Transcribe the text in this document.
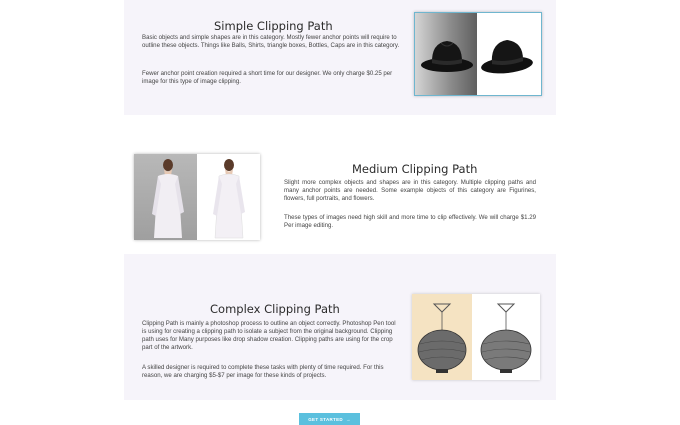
Simple Clipping Path

Basic objects and simple shapes are in this category. Mostly fewer anchor points will require to outline these objects. Things like Balls, Shirts, triangle boxes, Bottles, Caps are in this category.

Fewer anchor point creation required a short time for our designer. We only charge $0.25 per image for this type of image clipping.

Medium Clipping Path

Slight more complex objects and shapes are in this category. Multiple clipping paths and many anchor points are needed. Some example objects of this category are Figurines, flowers, full portraits, and flowers.

These types of images need high skill and more time to clip effectively. We will charge $1.29 Per image editing.

Complex Clipping Path

Clipping Path is mainly a photoshop process to outline an object correctly. Photoshop Pen tool is using for creating a clipping path to isolate a subject from the original background. Clipping path uses for Many purposes like drop shadow creation. Clipping paths are using for the crop part of the artwork.

A skilled designer is required to complete these tasks with plenty of time required. For this reason, we are charging $5-$7 per image for these kinds of projects.

GET STARTED →
